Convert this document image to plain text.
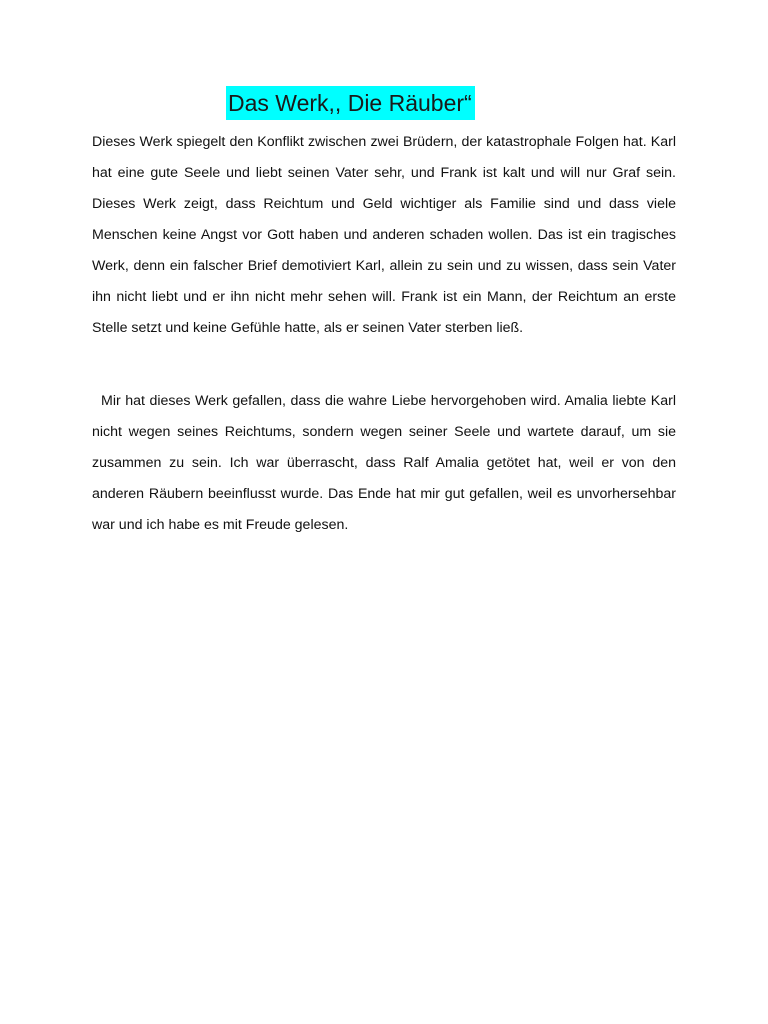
Das Werk,, Die Räuber“

Dieses Werk spiegelt den Konflikt zwischen zwei Brüdern, der katastrophale Folgen hat. Karl hat eine gute Seele und liebt seinen Vater sehr, und Frank ist kalt und will nur Graf sein. Dieses Werk zeigt, dass Reichtum und Geld wichtiger als Familie sind und dass viele Menschen keine Angst vor Gott haben und anderen schaden wollen. Das ist ein tragisches Werk, denn ein falscher Brief demotiviert Karl, allein zu sein und zu wissen, dass sein Vater ihn nicht liebt und er ihn nicht mehr sehen will. Frank ist ein Mann, der Reichtum an erste Stelle setzt und keine Gefühle hatte, als er seinen Vater sterben ließ.

Mir hat dieses Werk gefallen, dass die wahre Liebe hervorgehoben wird. Amalia liebte Karl nicht wegen seines Reichtums, sondern wegen seiner Seele und wartete darauf, um sie zusammen zu sein. Ich war überrascht, dass Ralf Amalia getötet hat, weil er von den anderen Räubern beeinflusst wurde. Das Ende hat mir gut gefallen, weil es unvorhersehbar war und ich habe es mit Freude gelesen.
